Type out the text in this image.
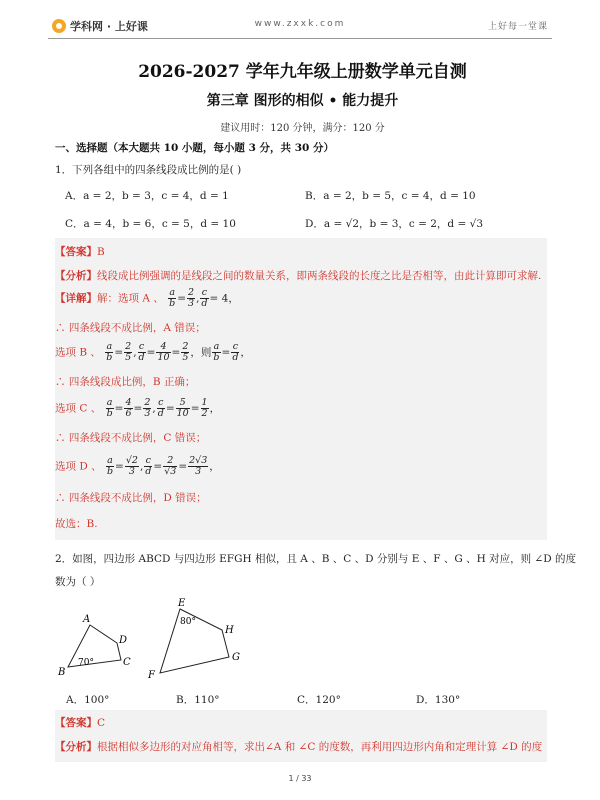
学科网 · 上好课	www.zxxk.com	上好每一堂课
2026-2027 学年九年级上册数学单元自测
第三章 图形的相似 • 能力提升
建议用时：120 分钟，满分：120 分
一、选择题（本大题共 10 小题，每小题 3 分，共 30 分）
1．下列各组中的四条线段成比例的是( )
A．a = 2，b = 3，c = 4，d = 1	B．a = 2，b = 5，c = 4，d = 10
C．a = 4，b = 6，c = 5，d = 10	D．a = √2，b = 3，c = 2，d = √3
【答案】B
【分析】线段成比例强调的是线段之间的数量关系，即两条线段的长度之比是否相等，由此计算即可求解.
【详解】解：选项 A 、 $\frac{a}{b} = \frac{2}{3}$ , $\frac{c}{d} = 4$，
∴ 四条线段不成比例，A 错误；
选项 B 、 $\frac{a}{b} = \frac{2}{5}$ , $\frac{c}{d} = \frac{4}{10} = \frac{2}{5}$ ，则 $\frac{a}{b} = \frac{c}{d}$ ，
∴ 四条线段成比例，B 正确；
选项 C 、 $\frac{a}{b} = \frac{4}{6} = \frac{2}{3}$ , $\frac{c}{d} = \frac{5}{10} = \frac{1}{2}$ ，
∴ 四条线段不成比例，C 错误；
选项 D 、 $\frac{a}{b} = \frac{√2}{3}$ , $\frac{c}{d} = \frac{2}{√3} = \frac{2√3}{3}$ ，
∴ 四条线段不成比例，D 错误；
故选：B.
2．如图，四边形 ABCD 与四边形 EFGH 相似，且 A 、B 、C 、D 分别与 E 、F 、G 、H 对应，则 ∠D 的度
数为（ ）
A
D
C
B
70°
E
H
G
F
80°
A．100°	B．110°	C．120°	D．130°
【答案】C
【分析】根据相似多边形的对应角相等，求出∠A 和 ∠C 的度数，再利用四边形内角和定理计算 ∠D 的度
1 / 33
